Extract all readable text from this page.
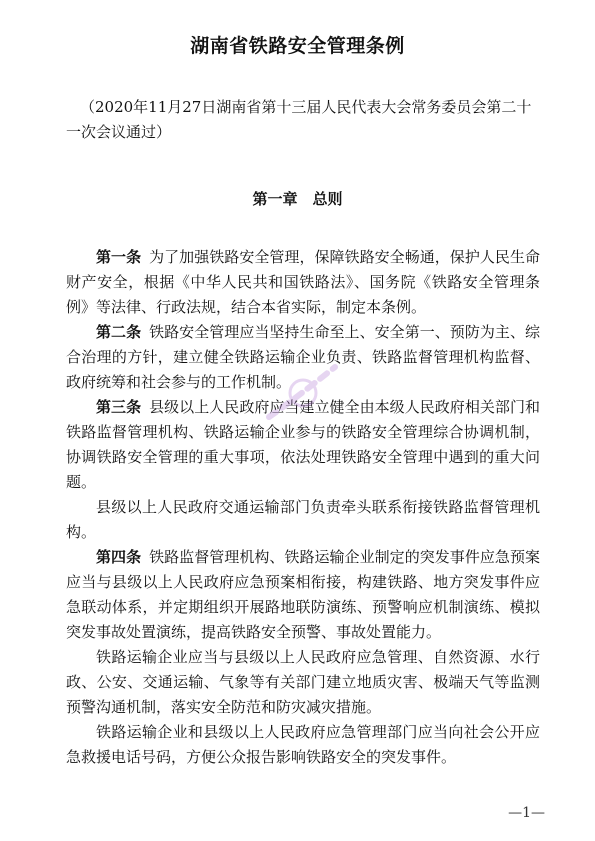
湖南省铁路安全管理条例

（2020年11月27日湖南省第十三届人民代表大会常务委员会第二十一次会议通过）

第一章　总则

第一条 为了加强铁路安全管理，保障铁路安全畅通，保护人民生命财产安全，根据《中华人民共和国铁路法》、国务院《铁路安全管理条例》等法律、行政法规，结合本省实际，制定本条例。

第二条 铁路安全管理应当坚持生命至上、安全第一、预防为主、综合治理的方针，建立健全铁路运输企业负责、铁路监督管理机构监督、政府统筹和社会参与的工作机制。

第三条 县级以上人民政府应当建立健全由本级人民政府相关部门和铁路监督管理机构、铁路运输企业参与的铁路安全管理综合协调机制，协调铁路安全管理的重大事项，依法处理铁路安全管理中遇到的重大问题。

县级以上人民政府交通运输部门负责牵头联系衔接铁路监督管理机构。

第四条 铁路监督管理机构、铁路运输企业制定的突发事件应急预案应当与县级以上人民政府应急预案相衔接，构建铁路、地方突发事件应急联动体系，并定期组织开展路地联防演练、预警响应机制演练、模拟突发事故处置演练，提高铁路安全预警、事故处置能力。

铁路运输企业应当与县级以上人民政府应急管理、自然资源、水行政、公安、交通运输、气象等有关部门建立地质灾害、极端天气等监测预警沟通机制，落实安全防范和防灾减灾措施。

铁路运输企业和县级以上人民政府应急管理部门应当向社会公开应急救援电话号码，方便公众报告影响铁路安全的突发事件。

—1—
